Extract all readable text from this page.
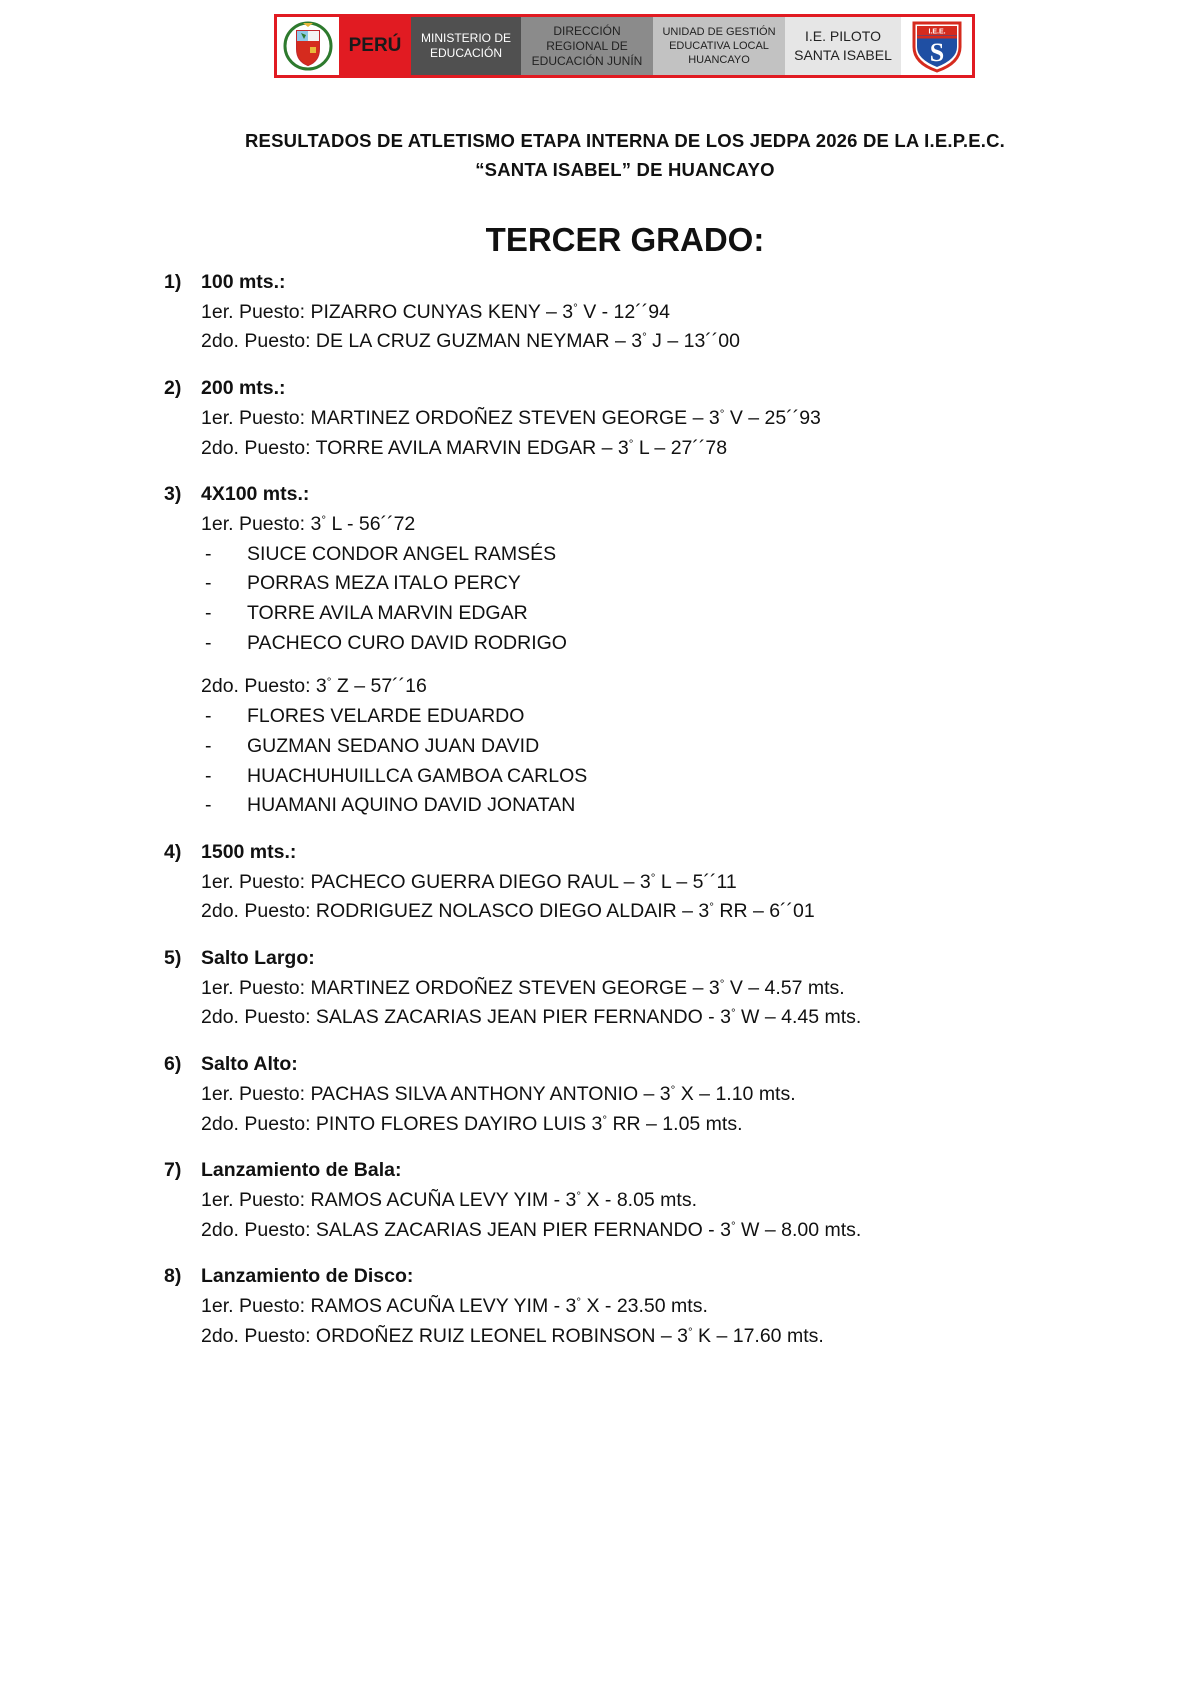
PERÚ	MINISTERIO DE
EDUCACIÓN
DIRECCIÓN
REGIONAL DE
EDUCACIÓN JUNÍN
UNIDAD DE GESTIÓN
EDUCATIVA LOCAL
HUANCAYO
I.E. PILOTO
SANTA ISABEL
I.E.E.
S
RESULTADOS DE ATLETISMO ETAPA INTERNA DE LOS JEDPA 2026 DE LA I.E.P.E.C.
“SANTA ISABEL” DE HUANCAYO
TERCER GRADO:
1)	100 mts.:
1er. Puesto: PIZARRO CUNYAS KENY – 3° V - 12´´94
2do. Puesto: DE LA CRUZ GUZMAN NEYMAR – 3° J – 13´´00
2)	200 mts.:
1er. Puesto: MARTINEZ ORDOÑEZ STEVEN GEORGE – 3° V – 25´´93
2do. Puesto: TORRE AVILA MARVIN EDGAR – 3° L – 27´´78
3)	4X100 mts.:
1er. Puesto: 3° L - 56´´72
-	SIUCE CONDOR ANGEL RAMSÉS
-	PORRAS MEZA ITALO PERCY
-	TORRE AVILA MARVIN EDGAR
-	PACHECO CURO DAVID RODRIGO
2do. Puesto: 3° Z – 57´´16
-	FLORES VELARDE EDUARDO
-	GUZMAN SEDANO JUAN DAVID
-	HUACHUHUILLCA GAMBOA CARLOS
-	HUAMANI AQUINO DAVID JONATAN
4)	1500 mts.:
1er. Puesto: PACHECO GUERRA DIEGO RAUL – 3° L – 5´´11
2do. Puesto: RODRIGUEZ NOLASCO DIEGO ALDAIR – 3° RR – 6´´01
5)	Salto Largo:
1er. Puesto: MARTINEZ ORDOÑEZ STEVEN GEORGE – 3° V – 4.57 mts.
2do. Puesto: SALAS ZACARIAS JEAN PIER FERNANDO - 3° W – 4.45 mts.
6)	Salto Alto:
1er. Puesto: PACHAS SILVA ANTHONY ANTONIO – 3° X – 1.10 mts.
2do. Puesto: PINTO FLORES DAYIRO LUIS 3° RR – 1.05 mts.
7)	Lanzamiento de Bala:
1er. Puesto: RAMOS ACUÑA LEVY YIM - 3° X - 8.05 mts.
2do. Puesto: SALAS ZACARIAS JEAN PIER FERNANDO - 3° W – 8.00 mts.
8)	Lanzamiento de Disco:
1er. Puesto: RAMOS ACUÑA LEVY YIM - 3° X - 23.50 mts.
2do. Puesto: ORDOÑEZ RUIZ LEONEL ROBINSON – 3° K – 17.60 mts.
